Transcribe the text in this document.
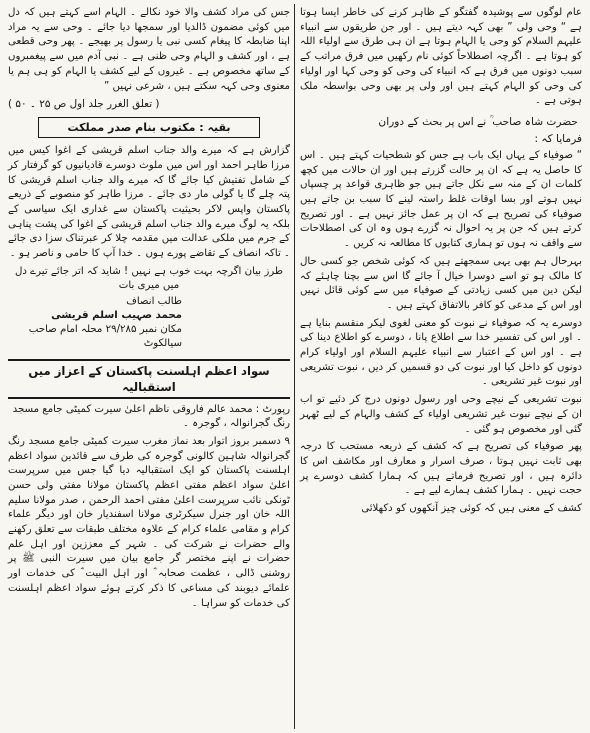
عام لوگوں سے پوشیدہ گفتگو کے ظاہر کرنے کی خاطر ایسا ہوتا ہے “ وحی ولی ” بھی کہہ دیتے ہیں ۔ اور جن طریقوں سے انبیاء علیہم السلام کو وحی یا الہام ہوتا ہے ان ہی طرق سے اولیاء اللہ کو ہوتا ہے ۔ اگرچہ اصطلاحاً کوئی نام رکھیں میں فرق مراتب کے سبب دونوں میں فرق ہے کہ انبیاء کی وحی کو وحی کہا اور اولیاء کی وحی کو الہام کہتے ہیں اور ولی پر بھی وحی بواسطہ ملک ہوتی ہے ۔

حضرت شاہ صاحب ؒ نے اس پر بحث کے دوران

فرمایا کہ :

“ صوفیاء کے یہاں ایک باب ہے جس کو شطحیات کہتے ہیں ۔ اس کا حاصل یہ ہے کہ ان پر حالت گزرتے ہیں اور ان حالات میں کچھ کلمات ان کے منہ سے نکل جاتے ہیں جو ظاہری قواعد پر چسپاں نہیں ہوتے اور بسا اوقات غلط راستہ لینے کا سبب بن جاتے ہیں صوفیاء کی تصریح ہے کہ ان پر عمل جائز نہیں ہے ۔ اور تصریح کرتے ہیں کہ جن پر یہ احوال نہ گزرے ہوں وہ ان کی اصطلاحات سے واقف نہ ہوں تو ہماری کتابوں کا مطالعہ نہ کریں ۔

بہرحال ہم بھی یہی سمجھتے ہیں کہ کوئی شخص جو کسی حال کا مالک ہو تو اسے دوسرا خیال آ جائے گا اس سے بچنا چاہئے کہ لیکن دین میں کسی زیادتی کے صوفیاء میں سے کوئی قائل نہیں اور اس کے مدعی کو کافر بالاتفاق کہتے ہیں ۔

دوسرے یہ کہ صوفیاء نے نبوت کو معنی لغوی لیکر منقسم بنایا ہے ۔ اور اس کی تفسیر خدا سے اطلاع پانا ، دوسرے کو اطلاع دینا کی ہے ۔ اور اس کے اعتبار سے انبیاء علیہم السلام اور اولیاء کرام دونوں کو داخل کیا اور نبوت کی دو قسمیں کر دیں ، نبوت تشریعی اور نبوت غیر تشریعی ۔

نبوت تشریعی کے نیچے وحی اور رسول دونوں درج کر دئیے تو اب ان کے نیچے نبوت غیر تشریعی اولیاء کے کشف والہام کے لیے ٹھہر گئی اور مخصوص ہو گئی ۔

پھر صوفیاء کی تصریح ہے کہ کشف کے ذریعہ مستحب کا درجہ بھی ثابت نہیں ہوتا ، صرف اسرار و معارف اور مکاشف اس کا دائرہ ہیں ، اور تصریح فرماتے ہیں کہ ہمارا کشف دوسرے پر حجت نہیں ۔ ہمارا کشف ہمارے لیے ہے ۔

کشف کے معنی ہیں کہ کوئی چیز آنکھوں کو دکھلائی

جس کی مراد کشف والا خود نکالے ۔ الہام اسے کہتے ہیں کہ دل میں کوئی مضمون ڈالدیا اور سمجھا دیا جائے ۔ وحی سے یہ مراد اپنا ضابطہ کا پیغام کسی نبی یا رسول پر بھیجے ۔ پھر وحی قطعی ہے ، اور کشف و الہام وحی ظنی ہے ۔ نبی آدم میں سے پیغمبروں کے ساتھ مخصوص ہے ۔ غیروں کے لیے کشف یا الہام کو ہی ہم یا معنوی وحی کہہ سکتے ہیں ، شرعی نہیں ”

( تعلق الغرر جلد اول ص ۲۵ ۔ ۵۰ )

بقیہ : مکتوب بنام صدر مملکت

گزارش ہے کہ میرے والد جناب اسلم قریشی کے اغوا کیس میں مرزا طاہر احمد اور اس میں ملوث دوسرے قادیانیوں کو گرفتار کر کے شامل تفتیش کیا جائے گا کہ میرے والد جناب اسلم قریشی کا پتہ چلے گا یا گولی مار دی جائے ۔ مرزا طاہر کو منصوبے کے ذریعے پاکستان واپس لاکر بحیثیت پاکستان سے غداری ایک سیاسی کے بلکہ یہ لوگ میرے والد جناب اسلم قریشی کے اغوا کی پشت پناہی کے جرم میں ملکی عدالت میں مقدمہ چلا کر عبرتناک سزا دی جائے ۔ تاکہ انصاف کے تقاضے پورے ہوں ۔ خدا آپ کا حامی و ناصر ہو ۔

طرز بیان اگرچہ بہت خوب ہے نہیں ! شاید کہ اتر جائے تیرے دل میں میری بات

طالب انصاف
محمد صہیب اسلم قریشی
مکان نمبر ۲۹/۲۸۵ محلہ امام صاحب سیالکوٹ
سواد اعظم اہلسنت پاکستان کے اعزاز میں استقبالیہ

رپورٹ : محمد عالم فاروقی ناظم اعلیٰ سیرت کمیٹی جامع مسجد رنگ گجرانوالہ ، گوجرہ ۔

۹ دسمبر بروز اتوار بعد نماز مغرب سیرت کمیٹی جامع مسجد رنگ گجرانوالہ شاہین کالونی گوجرہ کی طرف سے قائدین سواد اعظم اہلسنت پاکستان کو ایک استقبالیہ دیا گیا جس میں سرپرست اعلیٰ سواد اعظم مفتی اعظم پاکستان مولانا مفتی ولی حسن ٹونکی نائب سرپرست اعلیٰ مفتی احمد الرحمن ، صدر مولانا سلیم اللہ خان اور جنرل سیکرٹری مولانا اسفندیار خان اور دیگر علماء کرام و مقامی علماء کرام کے علاوہ مختلف طبقات سے تعلق رکھنے والے حضرات نے شرکت کی ۔ شہر کے معززین اور اہل علم حضرات نے اپنے مختصر گر جامع بیان میں سیرت النبی ﷺ پر روشنی ڈالی ، عظمت صحابہ ؓ اور اہل البیت ؓ کی خدمات اور علمائے دیوبند کی مساعی کا ذکر کرتے ہوئے سواد اعظم اہلسنت کی خدمات کو سراہا ۔
